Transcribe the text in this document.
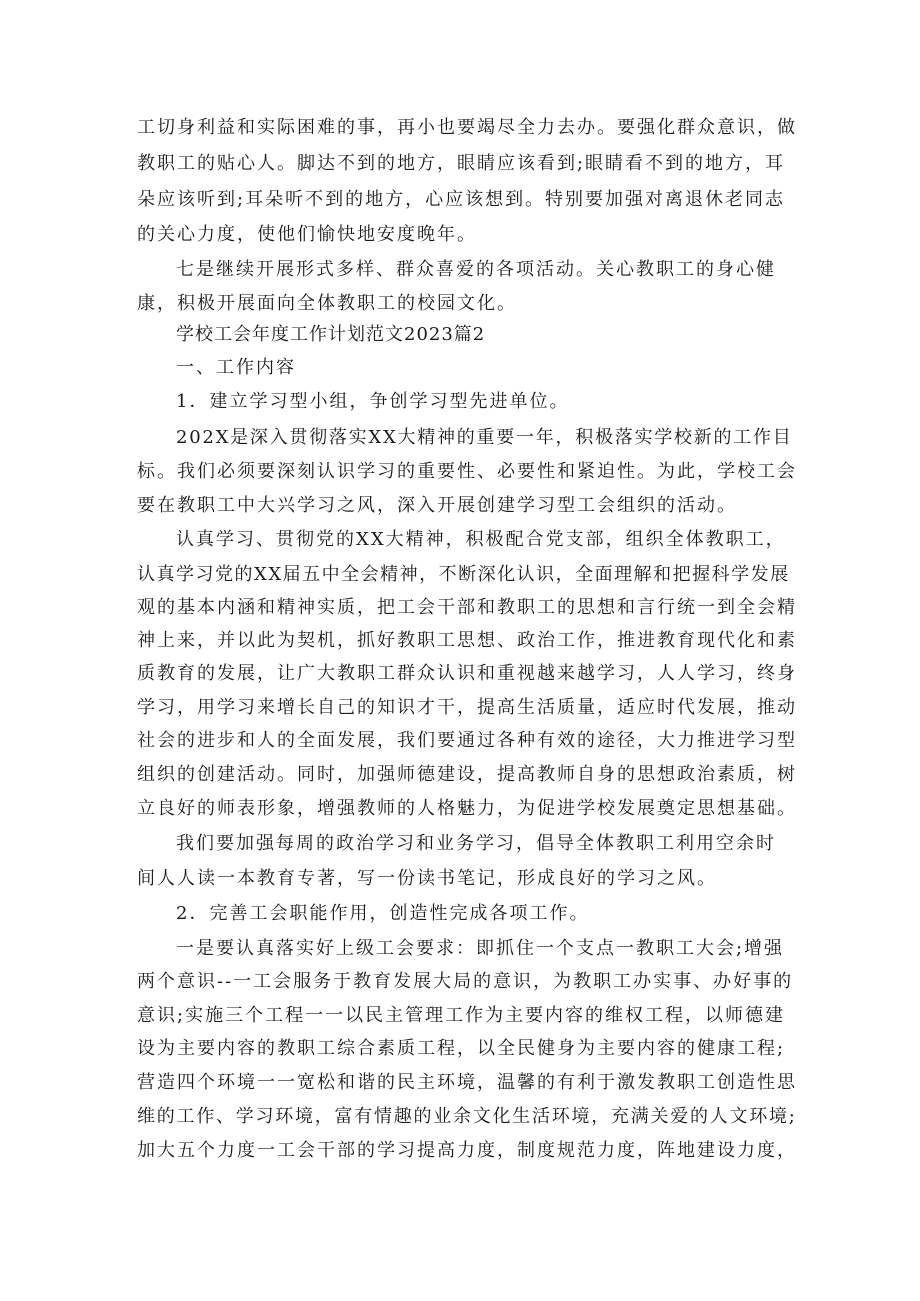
工切身利益和实际困难的事，再小也要竭尽全力去办。要强化群众意识，做
教职工的贴心人。脚达不到的地方，眼睛应该看到;眼睛看不到的地方，耳
朵应该听到;耳朵听不到的地方，心应该想到。特别要加强对离退休老同志
的关心力度，使他们愉快地安度晚年。
七是继续开展形式多样、群众喜爱的各项活动。关心教职工的身心健
康，积极开展面向全体教职工的校园文化。
学校工会年度工作计划范文2023篇2
一、工作内容
1．建立学习型小组，争创学习型先进单位。
202X是深入贯彻落实XX大精神的重要一年，积极落实学校新的工作目
标。我们必须要深刻认识学习的重要性、必要性和紧迫性。为此，学校工会
要在教职工中大兴学习之风，深入开展创建学习型工会组织的活动。
认真学习、贯彻党的XX大精神，积极配合党支部，组织全体教职工，
认真学习党的XX届五中全会精神，不断深化认识，全面理解和把握科学发展
观的基本内涵和精神实质，把工会干部和教职工的思想和言行统一到全会精
神上来，并以此为契机，抓好教职工思想、政治工作，推进教育现代化和素
质教育的发展，让广大教职工群众认识和重视越来越学习，人人学习，终身
学习，用学习来增长自己的知识才干，提高生活质量，适应时代发展，推动
社会的进步和人的全面发展，我们要通过各种有效的途径，大力推进学习型
组织的创建活动。同时，加强师德建设，提高教师自身的思想政治素质，树
立良好的师表形象，增强教师的人格魅力，为促进学校发展奠定思想基础。
我们要加强每周的政治学习和业务学习，倡导全体教职工利用空余时
间人人读一本教育专著，写一份读书笔记，形成良好的学习之风。
2．完善工会职能作用，创造性完成各项工作。
一是要认真落实好上级工会要求：即抓住一个支点一教职工大会;增强
两个意识--一工会服务于教育发展大局的意识，为教职工办实事、办好事的
意识;实施三个工程一一以民主管理工作为主要内容的维权工程，以师德建
设为主要内容的教职工综合素质工程，以全民健身为主要内容的健康工程;
营造四个环境一一宽松和谐的民主环境，温馨的有利于激发教职工创造性思
维的工作、学习环境，富有情趣的业余文化生活环境，充满关爱的人文环境;
加大五个力度一工会干部的学习提高力度，制度规范力度，阵地建设力度，
